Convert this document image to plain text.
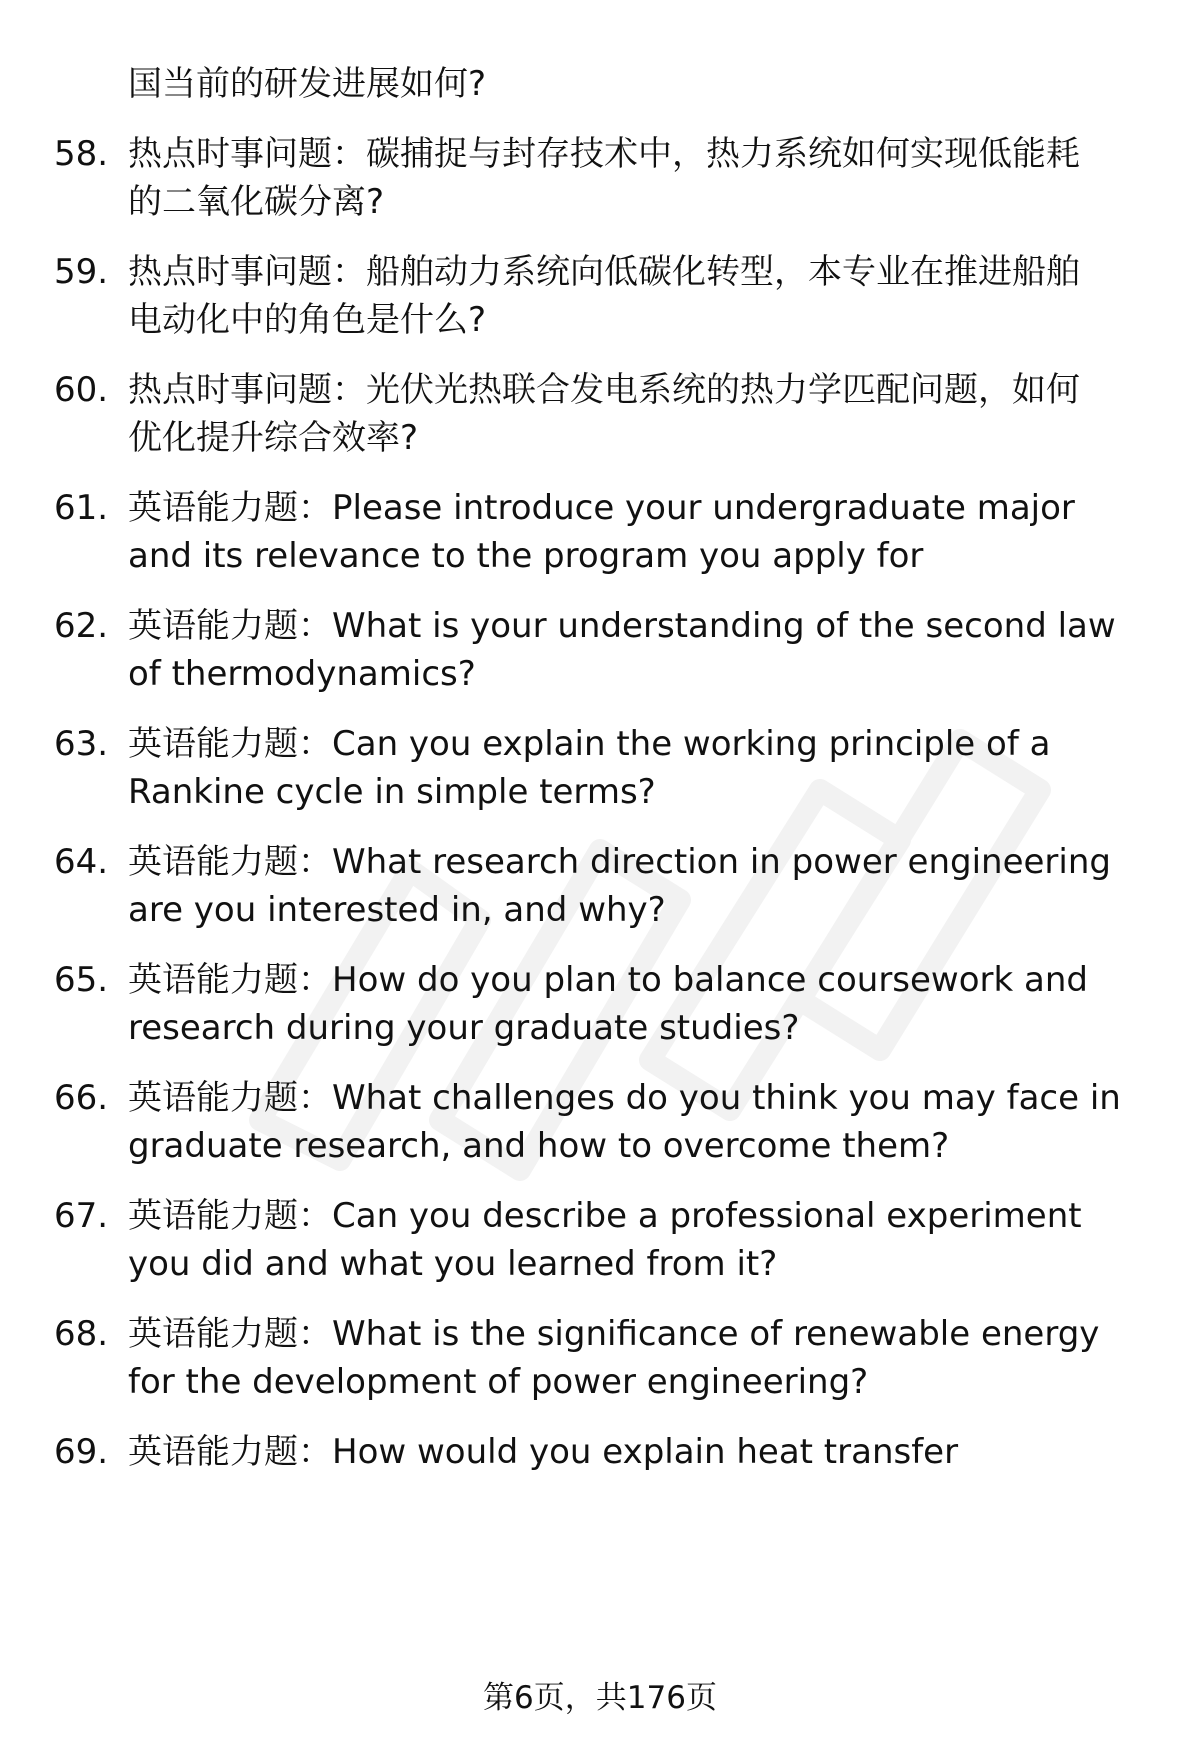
国当前的研发进展如何?
58. 热点时事问题：碳捕捉与封存技术中，热力系统如何实现低能耗
的二氧化碳分离?
59. 热点时事问题：船舶动力系统向低碳化转型，本专业在推进船舶
电动化中的角色是什么?
60. 热点时事问题：光伏光热联合发电系统的热力学匹配问题，如何
优化提升综合效率?
61. 英语能力题：Please introduce your undergraduate major
and its relevance to the program you apply for
62. 英语能力题：What is your understanding of the second law
of thermodynamics?
63. 英语能力题：Can you explain the working principle of a
Rankine cycle in simple terms?
64. 英语能力题：What research direction in power engineering
are you interested in, and why?
65. 英语能力题：How do you plan to balance coursework and
research during your graduate studies?
66. 英语能力题：What challenges do you think you may face in
graduate research, and how to overcome them?
67. 英语能力题：Can you describe a professional experiment
you did and what you learned from it?
68. 英语能力题：What is the significance of renewable energy
for the development of power engineering?
69. 英语能力题：How would you explain heat transfer
第6页，共176页
